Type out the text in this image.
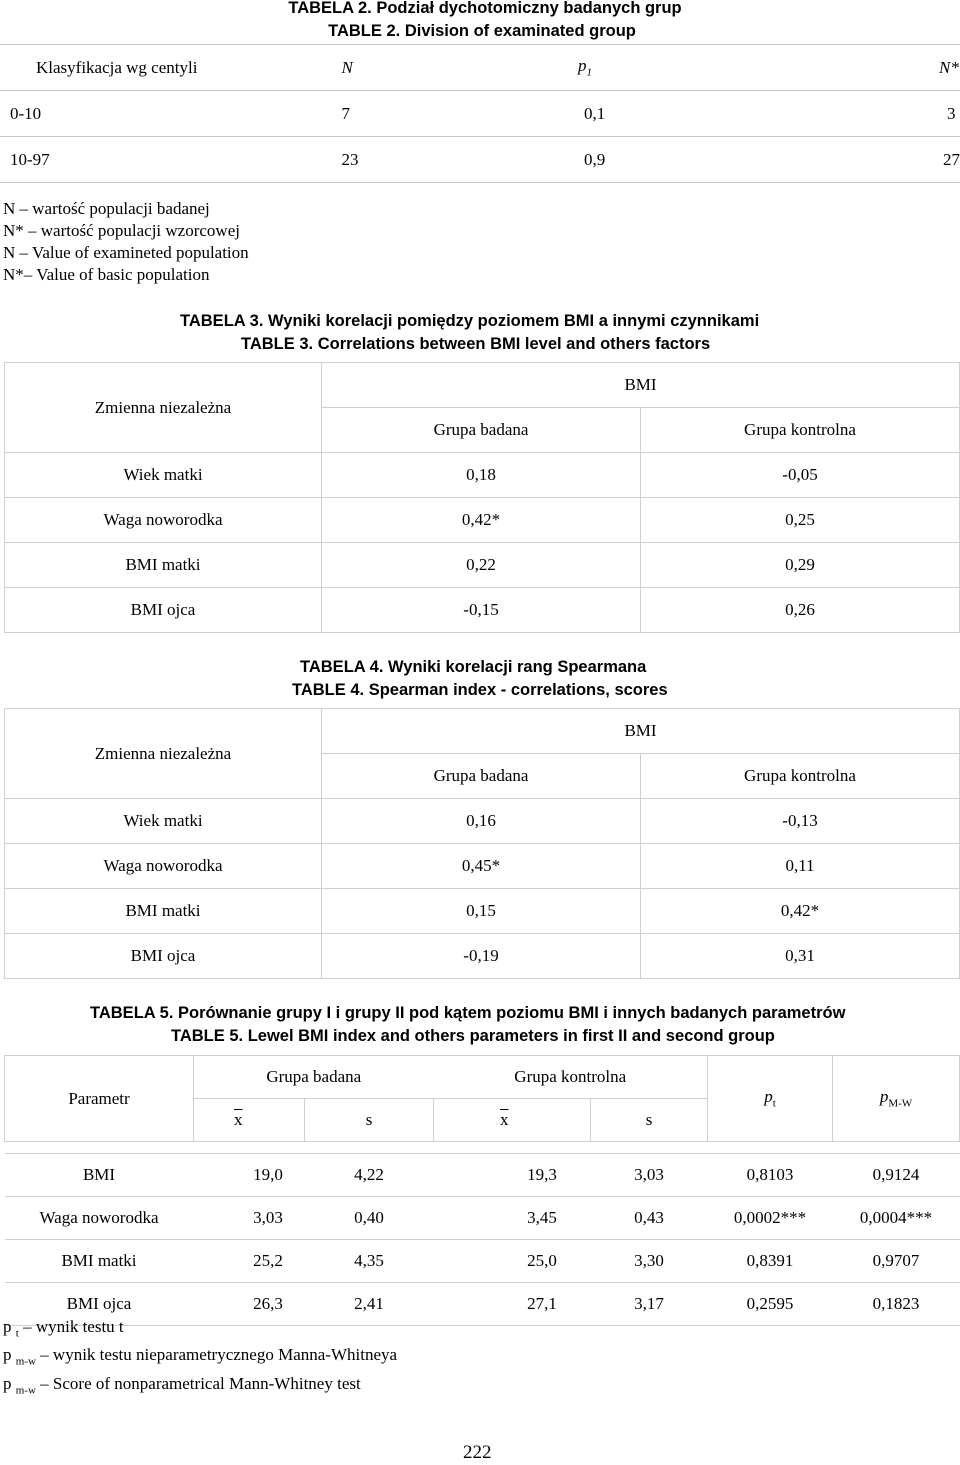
TABELA 2. Podział dychotomiczny badanych grup
TABLE 2. Division of examinated group
Klasyfikacja wg centyli	N	$p_1$	N*
0-10	7	0,1	3
10-97	23	0,9	27
N – wartość populacji badanej
N* – wartość populacji wzorcowej
N – Value of examineted population
N*– Value of basic population
TABELA 3. Wyniki korelacji pomiędzy poziomem BMI a innymi czynnikami
TABLE 3. Correlations between BMI level and others factors
Zmienna niezależna	BMI	
	Grupa badana	Grupa kontrolna
Wiek matki	0,18	-0,05
Waga noworodka	0,42*	0,25
BMI matki	0,22	0,29
BMI ojca	-0,15	0,26
TABELA 4. Wyniki korelacji rang Spearmana
TABLE 4. Spearman index - correlations, scores
Zmienna niezależna	BMI	
	Grupa badana	Grupa kontrolna
Wiek matki	0,16	-0,13
Waga noworodka	0,45*	0,11
BMI matki	0,15	0,42*
BMI ojca	-0,19	0,31
TABELA 5. Porównanie grupy I i grupy II pod kątem poziomu BMI i innych badanych parametrów
TABLE 5. Lewel BMI index and others parameters in first II and second group
Parametr	Grupa badana		Grupa kontrolna		$p_t$	$p_{M-W}$
	$\overline{x}$	s	$\overline{x}$	s		

BMI	19,0	4,22	19,3	3,03	0,8103	0,9124
Waga noworodka	3,03	0,40	3,45	0,43	0,0002***	0,0004***
BMI matki	25,2	4,35	25,0	3,30	0,8391	0,9707
BMI ojca	26,3	2,41	27,1	3,17	0,2595	0,1823
p $_t$ – wynik testu t
p $_{m-w}$ – wynik testu nieparametrycznego Manna-Whitneya
p $_{m-w}$ – Score of nonparametrical Mann-Whitney test
222
